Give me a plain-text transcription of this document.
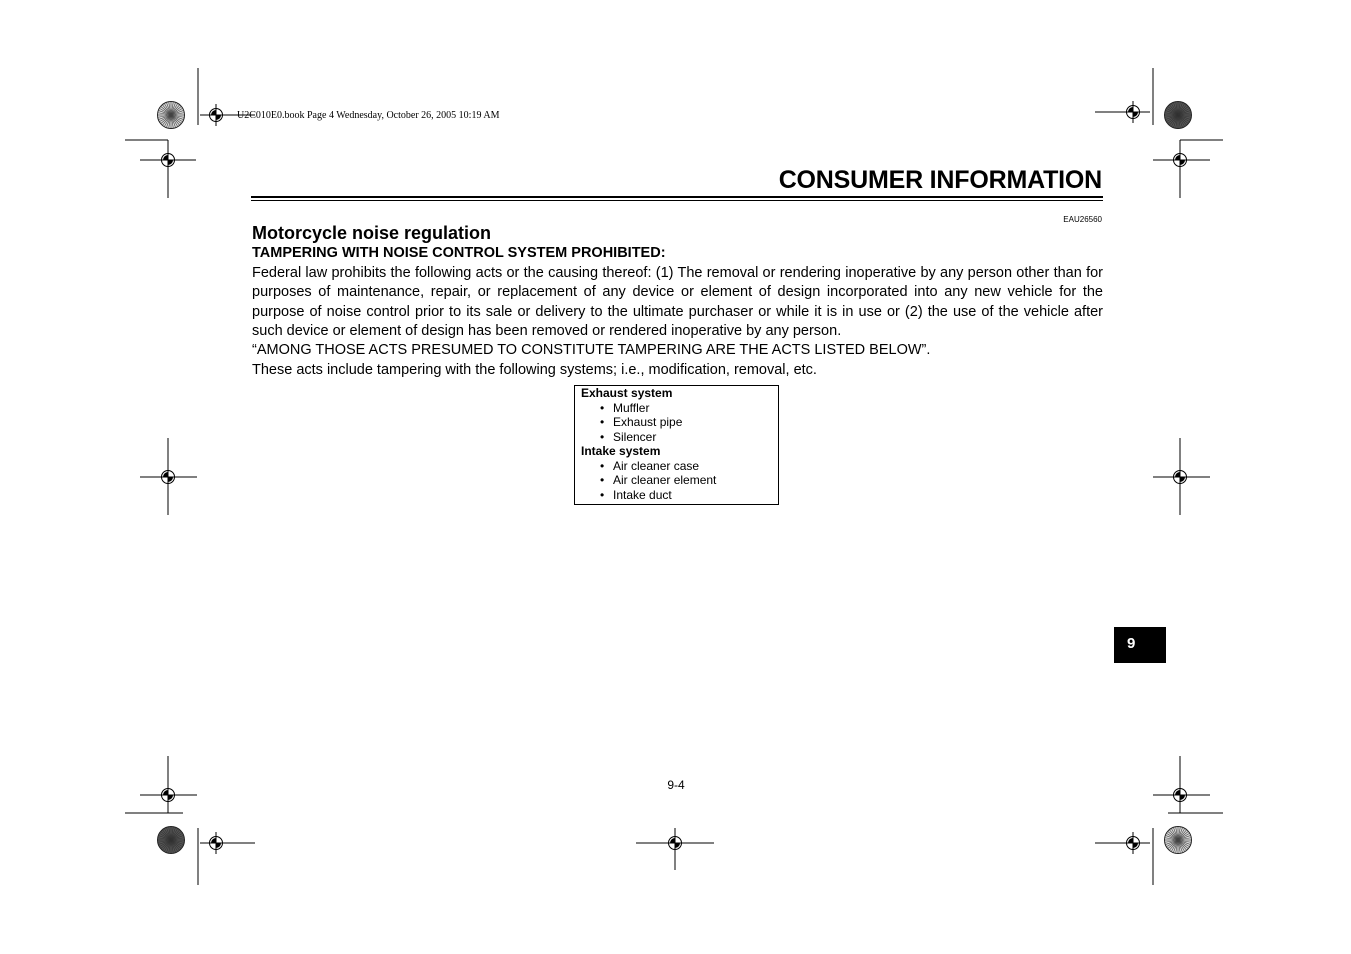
U2C010E0.book Page 4 Wednesday, October 26, 2005 10:19 AM
CONSUMER INFORMATION
EAU26560
Motorcycle noise regulation
TAMPERING WITH NOISE CONTROL SYSTEM PROHIBITED:

Federal law prohibits the following acts or the causing thereof: (1) The removal or rendering inoperative by any person other than for purposes of maintenance, repair, or replacement of any device or element of design incorporated into any new vehicle for the purpose of noise control prior to its sale or delivery to the ultimate purchaser or while it is in use or (2) the use of the vehicle after such device or element of design has been removed or rendered inoperative by any person.

“AMONG THOSE ACTS PRESUMED TO CONSTITUTE TAMPERING ARE THE ACTS LISTED BELOW”.

These acts include tampering with the following systems; i.e., modification, removal, etc.

Exhaust system
• Muffler
• Exhaust pipe
• Silencer
Intake system
• Air cleaner case
• Air cleaner element
• Intake duct
9
9-4
